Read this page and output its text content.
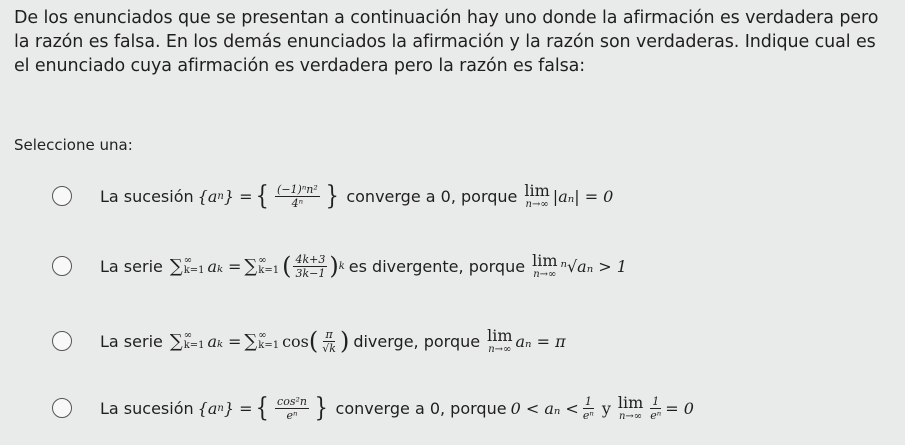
De los enunciados que se presentan a continuación hay uno donde la afirmación es verdadera pero la razón es falsa. En los demás enunciados la afirmación y la razón son verdaderas. Indique cual es el enunciado cuya afirmación es verdadera pero la razón es falsa:
Seleccione una:
La sucesión {a n } = { $\frac{\text{(−1)ⁿn²}}{\text{4ⁿ}}$ } converge a 0, porque lim
n→∞ |aₙ| = 0
La serie ∑ ∞
k=1 aₖ = ∑ ∞
k=1 ( $\frac{4k+3}{3k-1}$ ) k es divergente, porque lim
n→∞ ⁿ√aₙ > 1
La serie ∑ ∞
k=1 aₖ = ∑ ∞
k=1 cos ( $\frac{\pi}{√k}$ ) diverge, porque lim
n→∞ aₙ = π
La sucesión {a n } = { $\frac{\text{cos²n}}{\text{eⁿ}}$ } converge a 0, porque $0 < a_n < \frac{1}{\text{eⁿ}}$ y lim
$n\to\infty \frac{1}{\text{eⁿ}} = 0$
